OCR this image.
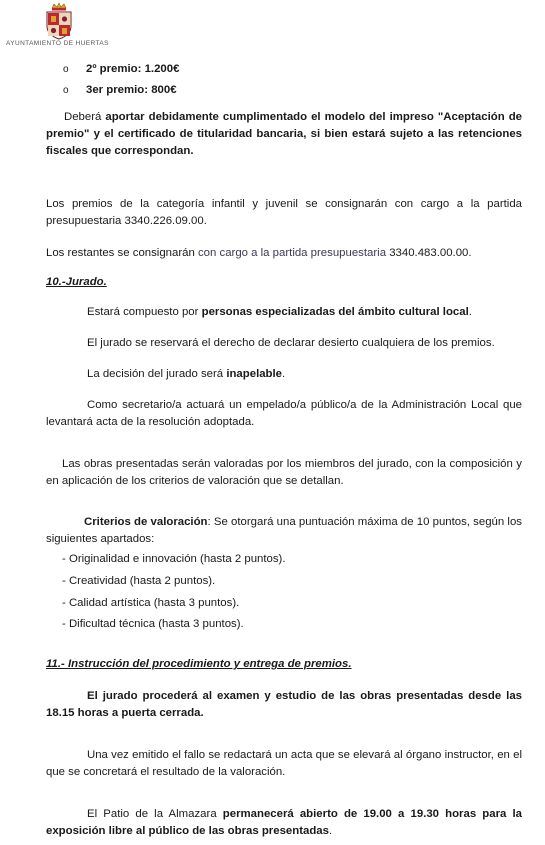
AYUNTAMIENTO DE HUERTAS
o 2º premio: 1.200€
o 3er premio: 800€
Deberá aportar debidamente cumplimentado el modelo del impreso "Aceptación de premio" y el certificado de titularidad bancaria, si bien estará sujeto a las retenciones fiscales que correspondan.
Los premios de la categoría infantil y juvenil se consignarán con cargo a la partida presupuestaria 3340.226.09.00.
Los restantes se consignarán con cargo a la partida presupuestaria 3340.483.00.00.
10.-Jurado.
Estará compuesto por personas especializadas del ámbito cultural local.
El jurado se reservará el derecho de declarar desierto cualquiera de los premios.
La decisión del jurado será inapelable.
Como secretario/a actuará un empelado/a público/a de la Administración Local que levantará acta de la resolución adoptada.
Las obras presentadas serán valoradas por los miembros del jurado, con la composición y en aplicación de los criterios de valoración que se detallan.
Criterios de valoración: Se otorgará una puntuación máxima de 10 puntos, según los siguientes apartados:
- Originalidad e innovación (hasta 2 puntos).
- Creatividad (hasta 2 puntos).
- Calidad artística (hasta 3 puntos).
- Dificultad técnica (hasta 3 puntos).
11.- Instrucción del procedimiento y entrega de premios.
El jurado procederá al examen y estudio de las obras presentadas desde las 18.15 horas a puerta cerrada.
Una vez emitido el fallo se redactará un acta que se elevará al órgano instructor, en el que se concretará el resultado de la valoración.
El Patio de la Almazara permanecerá abierto de 19.00 a 19.30 horas para la exposición libre al público de las obras presentadas.
